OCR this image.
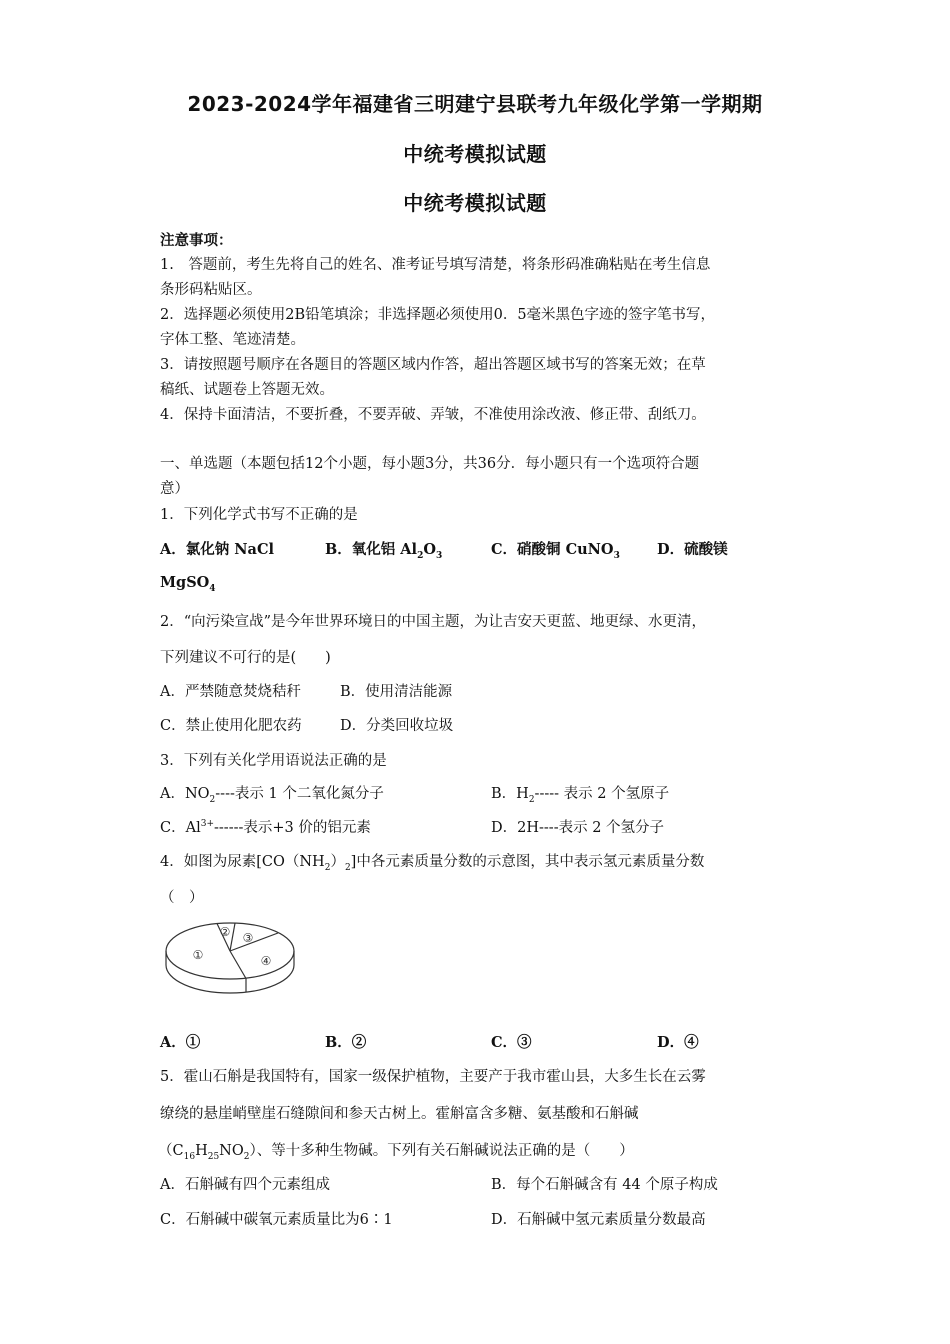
2023-2024学年福建省三明建宁县联考九年级化学第一学期期
中统考模拟试题
中统考模拟试题
注意事项：
1.　答题前，考生先将自己的姓名、准考证号填写清楚，将条形码准确粘贴在考生信息
条形码粘贴区。
2．选择题必须使用2B铅笔填涂；非选择题必须使用0．5毫米黑色字迹的签字笔书写，
字体工整、笔迹清楚。
3．请按照题号顺序在各题目的答题区域内作答，超出答题区域书写的答案无效；在草
稿纸、试题卷上答题无效。
4．保持卡面清洁，不要折叠，不要弄破、弄皱，不准使用涂改液、修正带、刮纸刀。
一、单选题（本题包括12个小题，每小题3分，共36分．每小题只有一个选项符合题
意）
1．下列化学式书写不正确的是
A．氯化钠 NaCl	B．氧化铝 $Al_2O_3$	C．硝酸铜 CuNO$_3$	D．硫酸镁
MgSO$_4$
2．“向污染宣战”是今年世界环境日的中国主题，为让吉安天更蓝、地更绿、水更清，
下列建议不可行的是(　　)
A．严禁随意焚烧秸秆	B．使用清洁能源
C．禁止使用化肥农药	D．分类回收垃圾
3．下列有关化学用语说法正确的是
A．$NO_2----$表示 1 个二氧化氮分子	B．$H_2-----$ 表示 2 个氢原子
C．$Al^{3+}------$表示+3 价的铝元素	D．2H----表示 2 个氢分子
4．如图为尿素$[CO(NH_2)_2]$中各元素质量分数的示意图，其中表示氢元素质量分数
（　）
①
② ③
④
A．①	B．②	C．③	D．④
5．霍山石斛是我国特有，国家一级保护植物，主要产于我市霍山县，大多生长在云雾
缭绕的悬崖峭壁崖石缝隙间和参天古树上。霍斛富含多糖、氨基酸和石斛碱
$(C_{16}H_{25}NO_2)$、等十多种生物碱。下列有关石斛碱说法正确的是（　　）
A．石斛碱有四个元素组成	B．每个石斛碱含有 44 个原子构成
C．石斛碱中碳氧元素质量比为6∶1	D．石斛碱中氢元素质量分数最高
